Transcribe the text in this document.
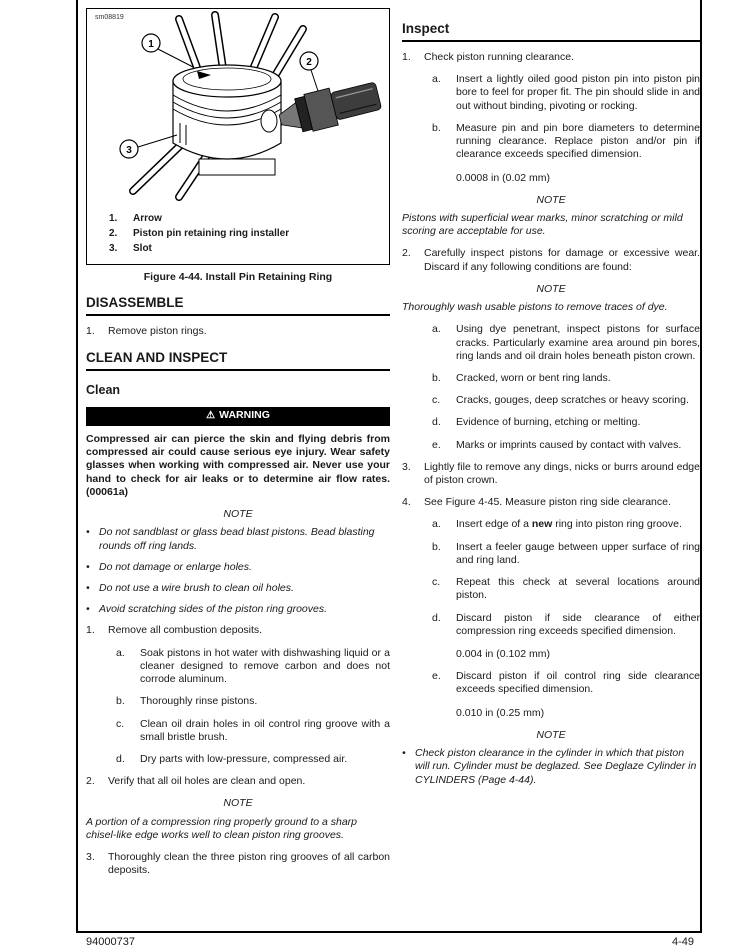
sm08819
1
2
3
1.	Arrow
2.	Piston pin retaining ring installer
3.	Slot
Figure 4-44. Install Pin Retaining Ring
DISASSEMBLE
1.	Remove piston rings.
CLEAN AND INSPECT
Clean
⚠ WARNING
Compressed air can pierce the skin and flying debris from compressed air could cause serious eye injury. Wear safety glasses when working with compressed air. Never use your hand to check for air leaks or to determine air flow rates. (00061a)
NOTE
• Do not sandblast or glass bead blast pistons. Bead blasting rounds off ring lands.
• Do not damage or enlarge holes.
• Do not use a wire brush to clean oil holes.
• Avoid scratching sides of the piston ring grooves.
1.	Remove all combustion deposits.
a.	Soak pistons in hot water with dishwashing liquid or a cleaner designed to remove carbon and does not corrode aluminum.
b.	Thoroughly rinse pistons.
c.	Clean oil drain holes in oil control ring groove with a small bristle brush.
d.	Dry parts with low-pressure, compressed air.
2.	Verify that all oil holes are clean and open.
NOTE
A portion of a compression ring properly ground to a sharp chisel-like edge works well to clean piston ring grooves.
3.	Thoroughly clean the three piston ring grooves of all carbon deposits.
Inspect
1.	Check piston running clearance.
a.	Insert a lightly oiled good piston pin into piston pin bore to feel for proper fit. The pin should slide in and out without binding, pivoting or rocking.
b.	Measure pin and pin bore diameters to determine running clearance. Replace piston and/or pin if clearance exceeds specified dimension.
0.0008 in (0.02 mm)
NOTE
Pistons with superficial wear marks, minor scratching or mild scoring are acceptable for use.
2.	Carefully inspect pistons for damage or excessive wear. Discard if any following conditions are found:
NOTE
Thoroughly wash usable pistons to remove traces of dye.
a.	Using dye penetrant, inspect pistons for surface cracks. Particularly examine area around pin bores, ring lands and oil drain holes beneath piston crown.
b.	Cracked, worn or bent ring lands.
c.	Cracks, gouges, deep scratches or heavy scoring.
d.	Evidence of burning, etching or melting.
e.	Marks or imprints caused by contact with valves.
3.	Lightly file to remove any dings, nicks or burrs around edge of piston crown.
4.	See Figure 4-45. Measure piston ring side clearance.
a.	Insert edge of a new ring into piston ring groove.
b.	Insert a feeler gauge between upper surface of ring and ring land.
c.	Repeat this check at several locations around piston.
d.	Discard piston if side clearance of either compression ring exceeds specified dimension.
0.004 in (0.102 mm)
e.	Discard piston if oil control ring side clearance exceeds specified dimension.
0.010 in (0.25 mm)
NOTE
• Check piston clearance in the cylinder in which that piston will run. Cylinder must be deglazed. See Deglaze Cylinder in CYLINDERS (Page 4-44).
94000737	4-49
